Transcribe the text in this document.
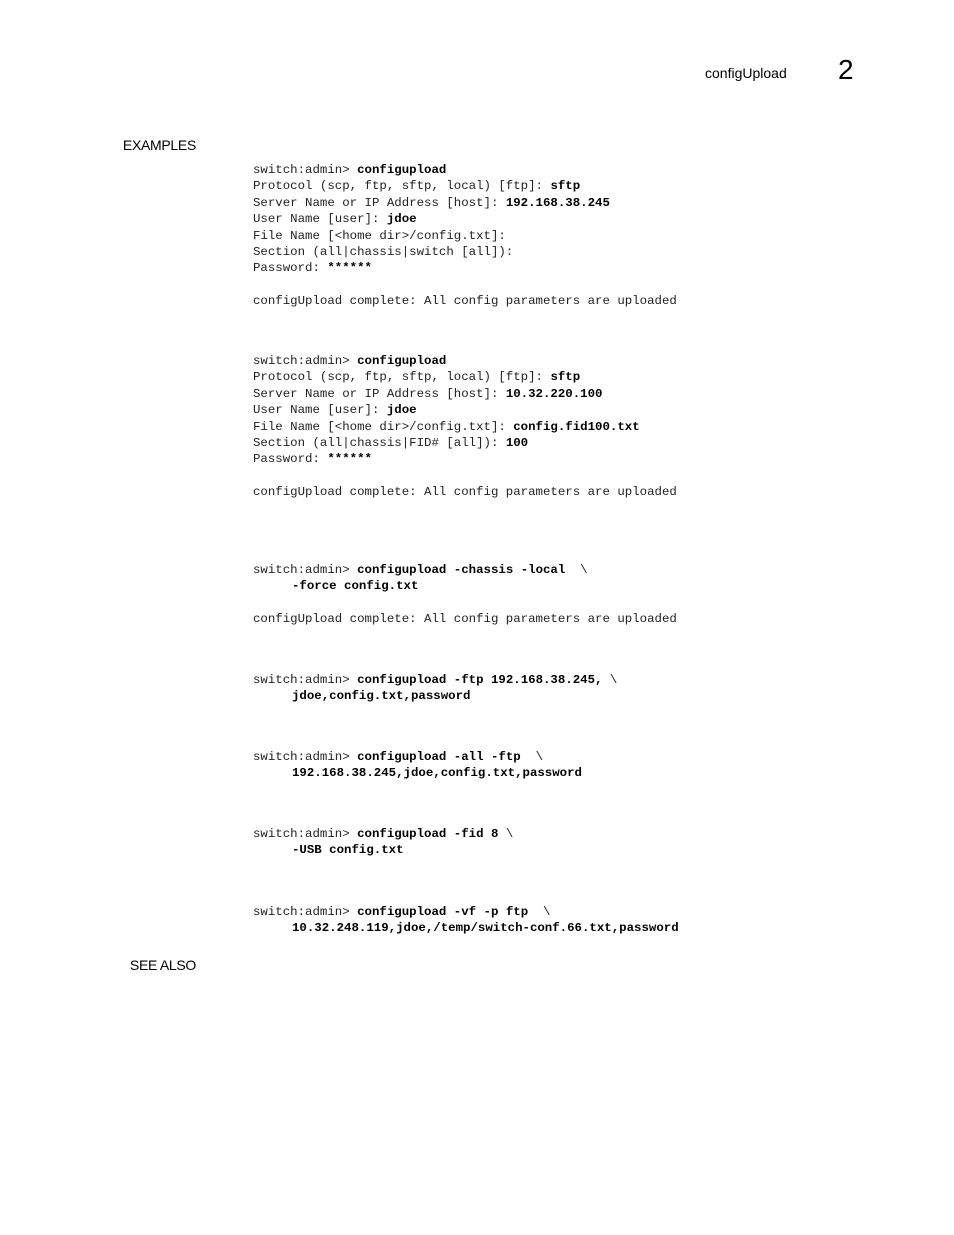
configUpload 2
EXAMPLES
SEE ALSO
switch:admin> configupload
Protocol (scp, ftp, sftp, local) [ftp]: sftp
Server Name or IP Address [host]: 192.168.38.245
User Name [user]: jdoe
File Name [<home dir>/config.txt]:
Section (all|chassis|switch [all]):
Password: ******
configUpload complete: All config parameters are uploaded
switch:admin> configupload
Protocol (scp, ftp, sftp, local) [ftp]: sftp
Server Name or IP Address [host]: 10.32.220.100
User Name [user]: jdoe
File Name [<home dir>/config.txt]: config.fid100.txt
Section (all|chassis|FID# [all]): 100
Password: ******
configUpload complete: All config parameters are uploaded
switch:admin> configupload -chassis -local  \
-force config.txt
configUpload complete: All config parameters are uploaded
switch:admin> configupload -ftp 192.168.38.245, \
jdoe,config.txt,password
switch:admin> configupload -all -ftp  \
192.168.38.245,jdoe,config.txt,password
switch:admin> configupload -fid 8 \
-USB config.txt
switch:admin> configupload -vf -p ftp  \
10.32.248.119,jdoe,/temp/switch-conf.66.txt,password
